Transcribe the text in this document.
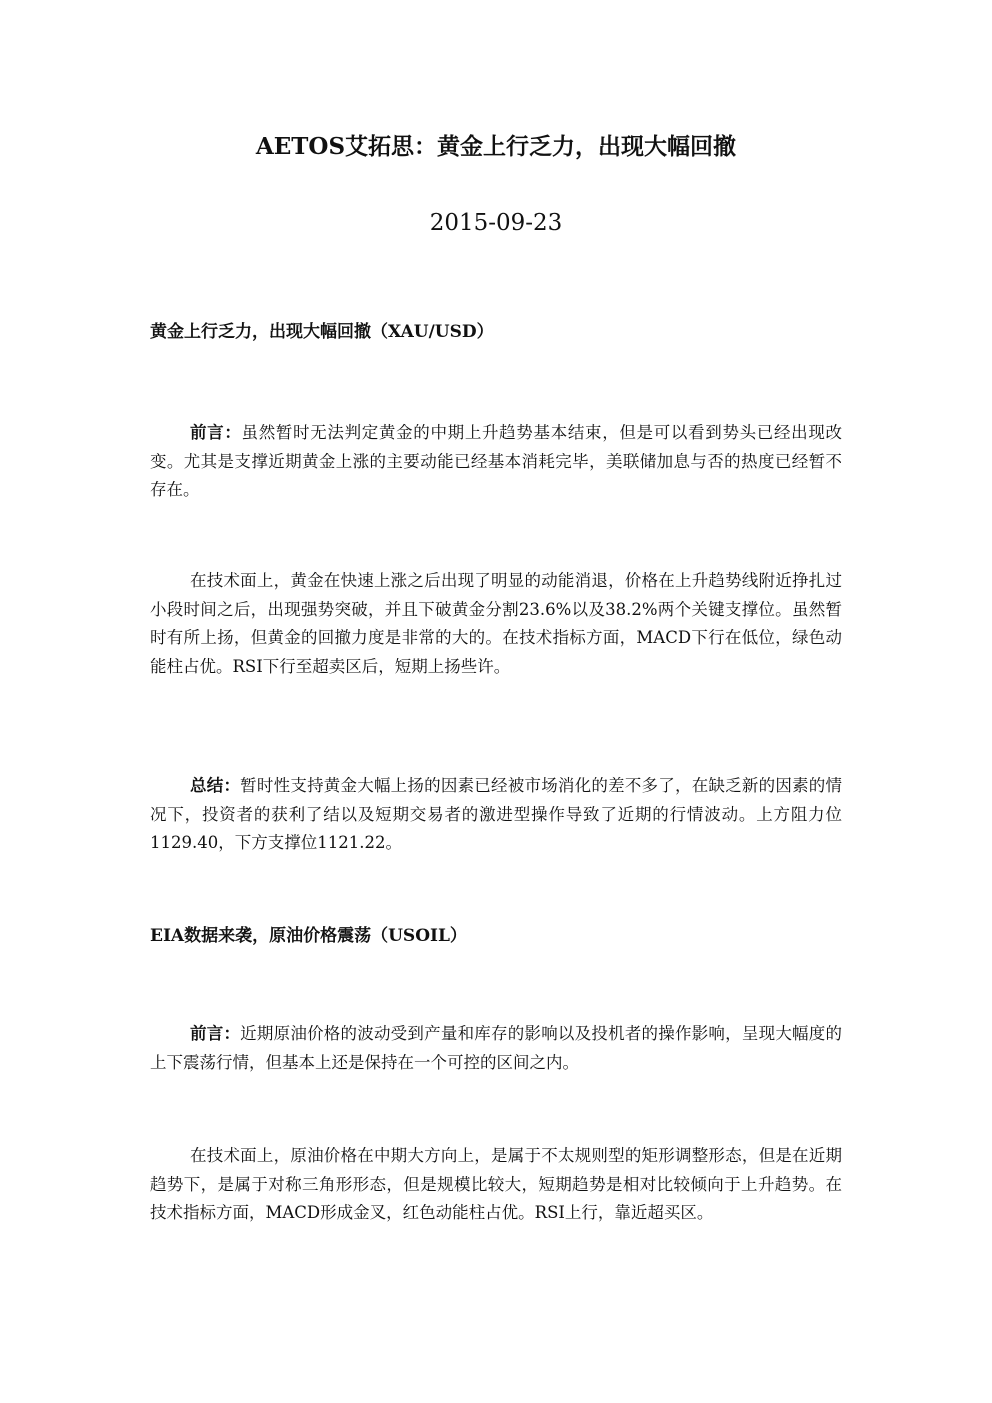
AETOS艾拓思：黄金上行乏力，出现大幅回撤
2015-09-23
黄金上行乏力，出现大幅回撤（XAU/USD）

前言：虽然暂时无法判定黄金的中期上升趋势基本结束，但是可以看到势头已经出现改变。尤其是支撑近期黄金上涨的主要动能已经基本消耗完毕，美联储加息与否的热度已经暂不存在。

在技术面上，黄金在快速上涨之后出现了明显的动能消退，价格在上升趋势线附近挣扎过小段时间之后，出现强势突破，并且下破黄金分割23.6%以及38.2%两个关键支撑位。虽然暂时有所上扬，但黄金的回撤力度是非常的大的。在技术指标方面，MACD下行在低位，绿色动能柱占优。RSI下行至超卖区后，短期上扬些许。

总结：暂时性支持黄金大幅上扬的因素已经被市场消化的差不多了，在缺乏新的因素的情况下，投资者的获利了结以及短期交易者的激进型操作导致了近期的行情波动。上方阻力位1129.40，下方支撑位1121.22。

EIA数据来袭，原油价格震荡（USOIL）

前言：近期原油价格的波动受到产量和库存的影响以及投机者的操作影响，呈现大幅度的上下震荡行情，但基本上还是保持在一个可控的区间之内。

在技术面上，原油价格在中期大方向上，是属于不太规则型的矩形调整形态，但是在近期趋势下，是属于对称三角形形态，但是规模比较大，短期趋势是相对比较倾向于上升趋势。在技术指标方面，MACD形成金叉，红色动能柱占优。RSI上行，靠近超买区。
